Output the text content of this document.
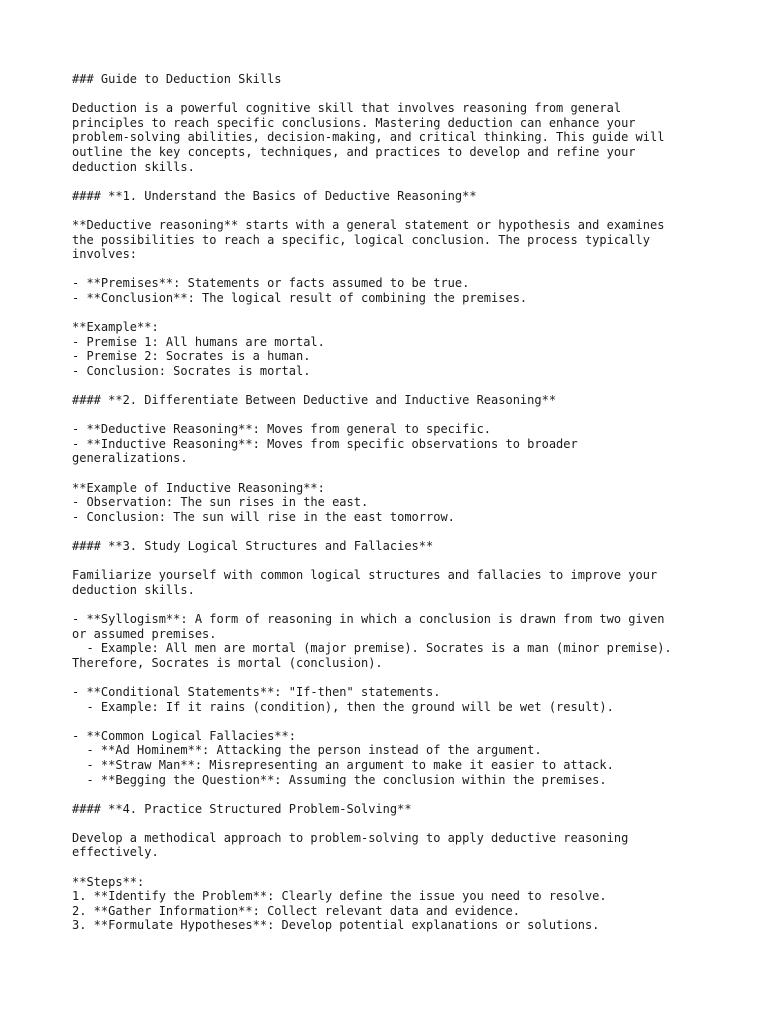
### Guide to Deduction Skills
Deduction is a powerful cognitive skill that involves reasoning from general
principles to reach specific conclusions. Mastering deduction can enhance your
problem-solving abilities, decision-making, and critical thinking. This guide will
outline the key concepts, techniques, and practices to develop and refine your
deduction skills.
#### **1. Understand the Basics of Deductive Reasoning**
**Deductive reasoning** starts with a general statement or hypothesis and examines
the possibilities to reach a specific, logical conclusion. The process typically
involves:
- **Premises**: Statements or facts assumed to be true.
- **Conclusion**: The logical result of combining the premises.
**Example**:
- Premise 1: All humans are mortal.
- Premise 2: Socrates is a human.
- Conclusion: Socrates is mortal.
#### **2. Differentiate Between Deductive and Inductive Reasoning**
- **Deductive Reasoning**: Moves from general to specific.
- **Inductive Reasoning**: Moves from specific observations to broader
generalizations.
**Example of Inductive Reasoning**:
- Observation: The sun rises in the east.
- Conclusion: The sun will rise in the east tomorrow.
#### **3. Study Logical Structures and Fallacies**
Familiarize yourself with common logical structures and fallacies to improve your
deduction skills.
- **Syllogism**: A form of reasoning in which a conclusion is drawn from two given
or assumed premises.
- Example: All men are mortal (major premise). Socrates is a man (minor premise).
Therefore, Socrates is mortal (conclusion).
- **Conditional Statements**: "If-then" statements.
- Example: If it rains (condition), then the ground will be wet (result).
- **Common Logical Fallacies**:
- **Ad Hominem**: Attacking the person instead of the argument.
- **Straw Man**: Misrepresenting an argument to make it easier to attack.
- **Begging the Question**: Assuming the conclusion within the premises.
#### **4. Practice Structured Problem-Solving**
Develop a methodical approach to problem-solving to apply deductive reasoning
effectively.
**Steps**:
1. **Identify the Problem**: Clearly define the issue you need to resolve.
2. **Gather Information**: Collect relevant data and evidence.
3. **Formulate Hypotheses**: Develop potential explanations or solutions.
